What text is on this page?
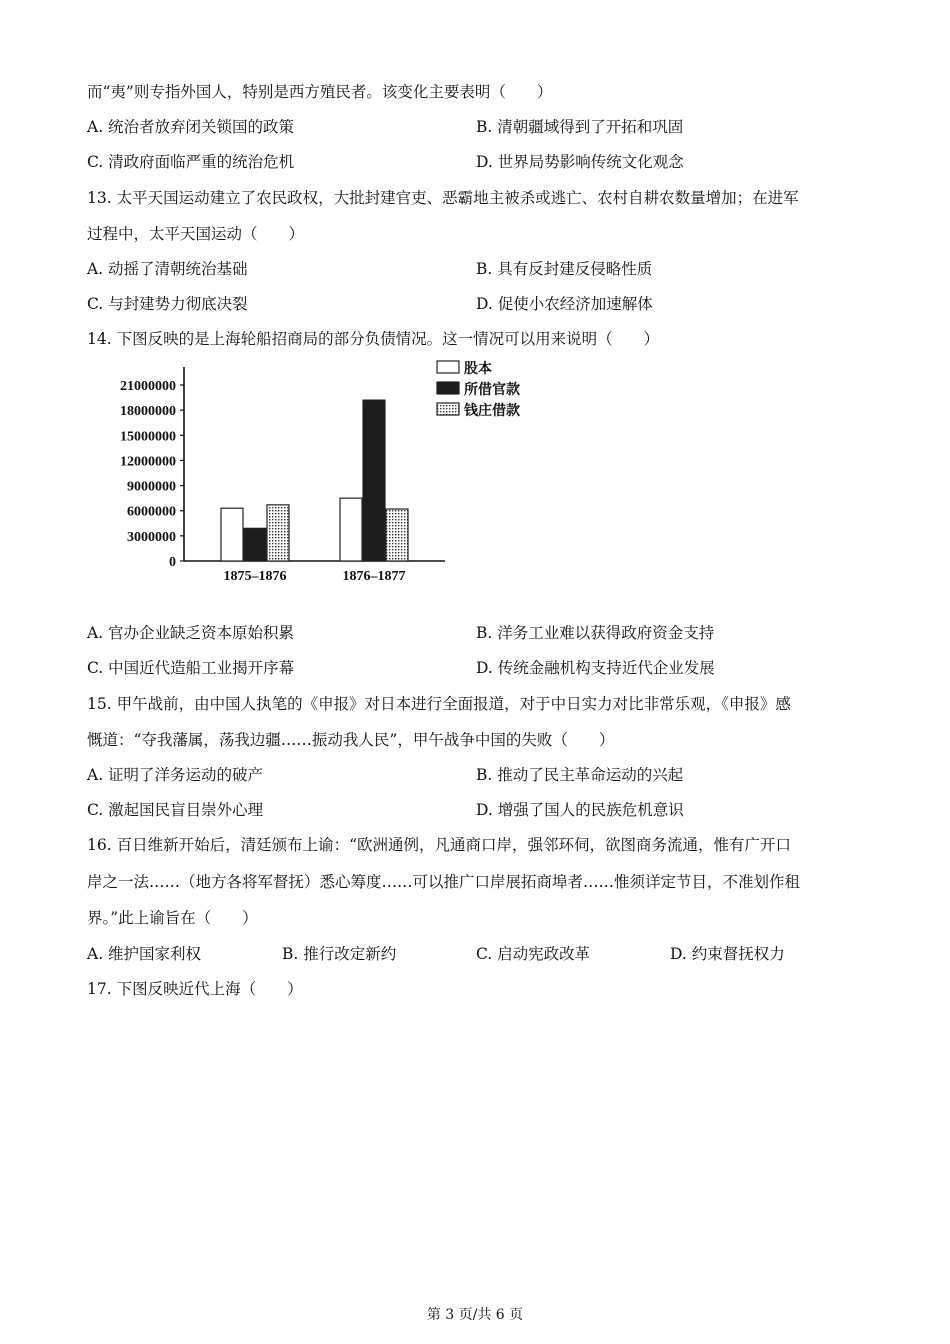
而“夷”则专指外国人，特别是西方殖民者。该变化主要表明（　　）
A. 统治者放弃闭关锁国的政策	B. 清朝疆域得到了开拓和巩固
C. 清政府面临严重的统治危机	D. 世界局势影响传统文化观念
13. 太平天国运动建立了农民政权，大批封建官吏、恶霸地主被杀或逃亡、农村自耕农数量增加；在进军
过程中，太平天国运动（　　）
A. 动摇了清朝统治基础	B. 具有反封建反侵略性质
C. 与封建势力彻底决裂	D. 促使小农经济加速解体
14. 下图反映的是上海轮船招商局的部分负债情况。这一情况可以用来说明（　　）
0
3000000
6000000
9000000
12000000
15000000
18000000
21000000
1875–1876	1876–1877
股本
所借官款
钱庄借款
A. 官办企业缺乏资本原始积累	B. 洋务工业难以获得政府资金支持
C. 中国近代造船工业揭开序幕	D. 传统金融机构支持近代企业发展
15. 甲午战前，由中国人执笔的《申报》对日本进行全面报道，对于中日实力对比非常乐观，《申报》感
慨道：“夺我藩属，荡我边疆……振动我人民”，甲午战争中国的失败（　　）
A. 证明了洋务运动的破产	B. 推动了民主革命运动的兴起
C. 激起国民盲目崇外心理	D. 增强了国人的民族危机意识
16. 百日维新开始后，清廷颁布上谕：“欧洲通例，凡通商口岸，强邻环伺，欲图商务流通，惟有广开口
岸之一法……（地方各将军督抚）悉心筹度……可以推广口岸展拓商埠者……惟须详定节目，不准划作租
界。”此上谕旨在（　　）
A. 维护国家利权	B. 推行改定新约	C. 启动宪政改革	D. 约束督抚权力
17. 下图反映近代上海（　　）
第 3 页/共 6 页
